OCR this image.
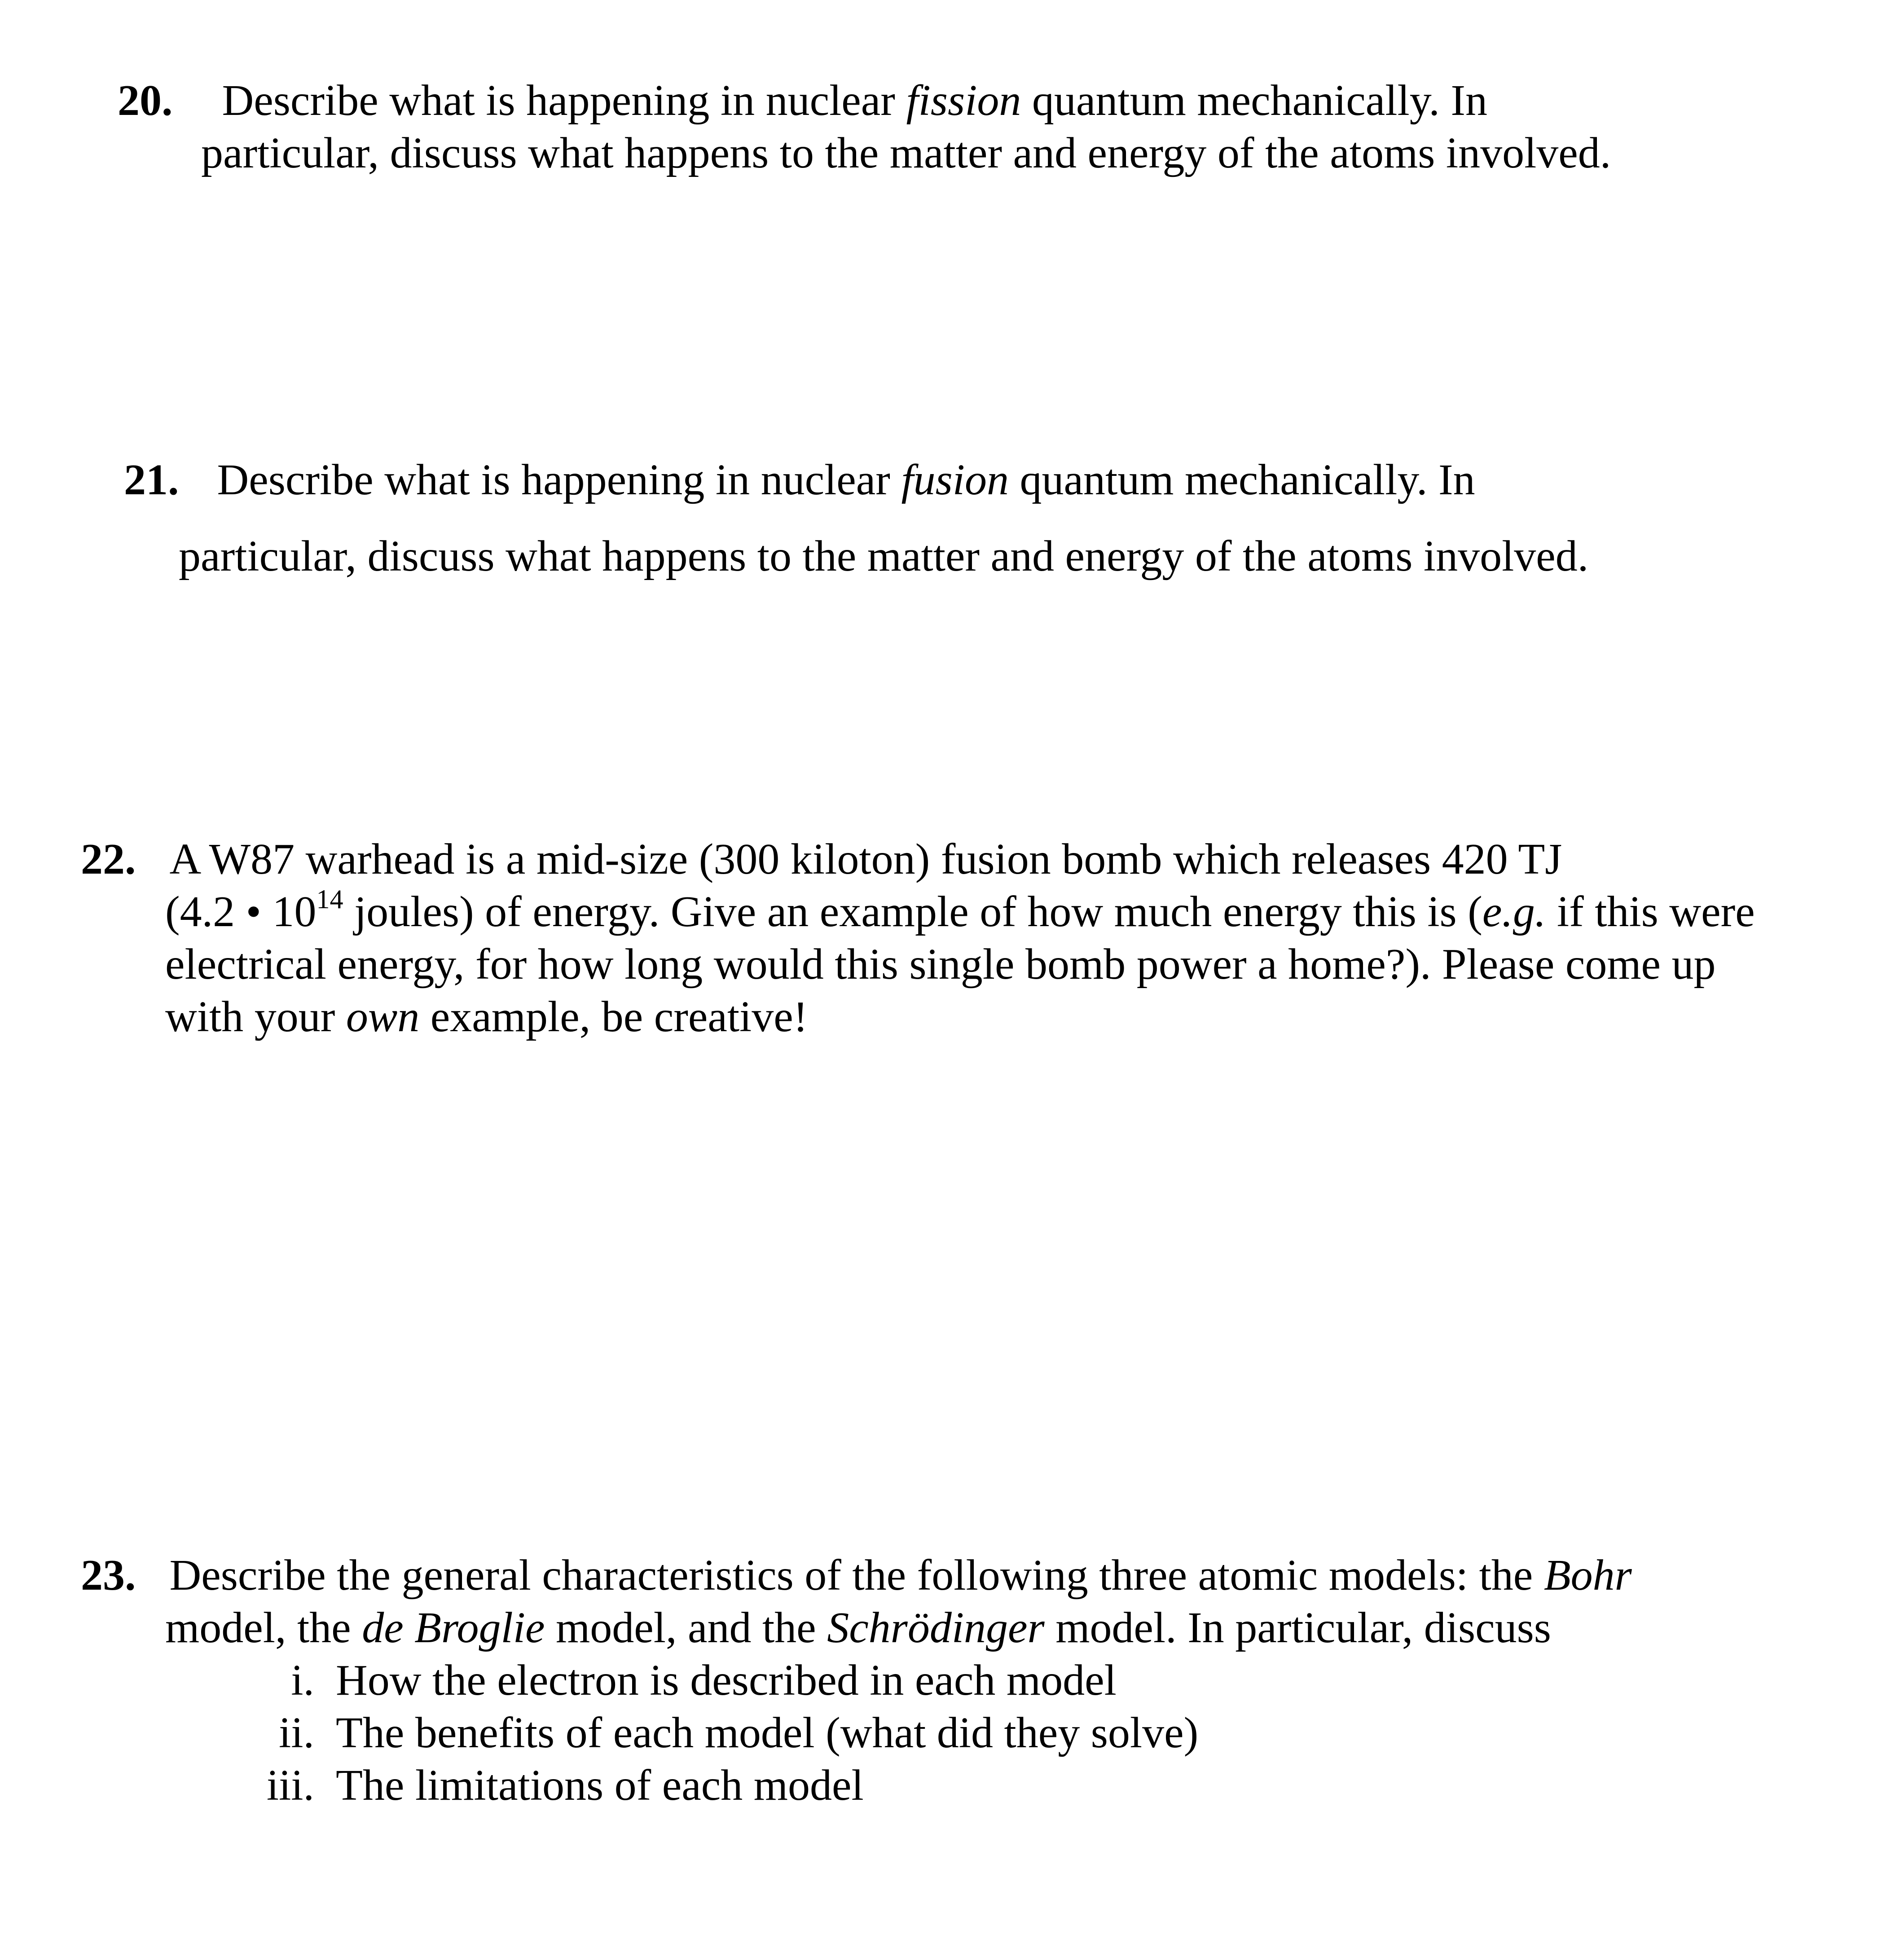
20. Describe what is happening in nuclear fission quantum mechanically. In
particular, discuss what happens to the matter and energy of the atoms involved.
21. Describe what is happening in nuclear fusion quantum mechanically. In
particular, discuss what happens to the matter and energy of the atoms involved.
22. A W87 warhead is a mid-size (300 kiloton) fusion bomb which releases 420 TJ
(4.2 • $10^{14}$ joules) of energy. Give an example of how much energy this is (e.g. if this were
electrical energy, for how long would this single bomb power a home?). Please come up
with your own example, be creative!
23. Describe the general characteristics of the following three atomic models: the Bohr
model, the de Broglie model, and the Schrödinger model. In particular, discuss
i. How the electron is described in each model
ii. The benefits of each model (what did they solve)
iii. The limitations of each model
